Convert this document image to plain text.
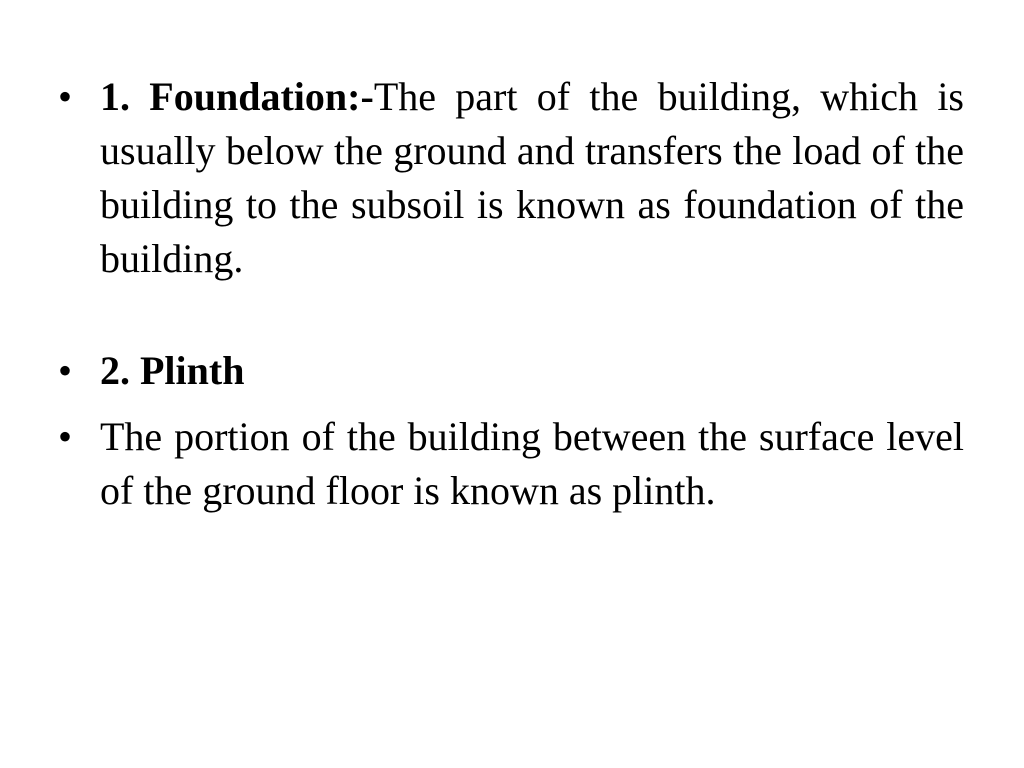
• 1. Foundation:-The part of the building, which is usually below the ground and transfers the load of the building to the subsoil is known as foundation of the building.
• 2. Plinth
• The portion of the building between the surface level of the ground floor is known as plinth.
